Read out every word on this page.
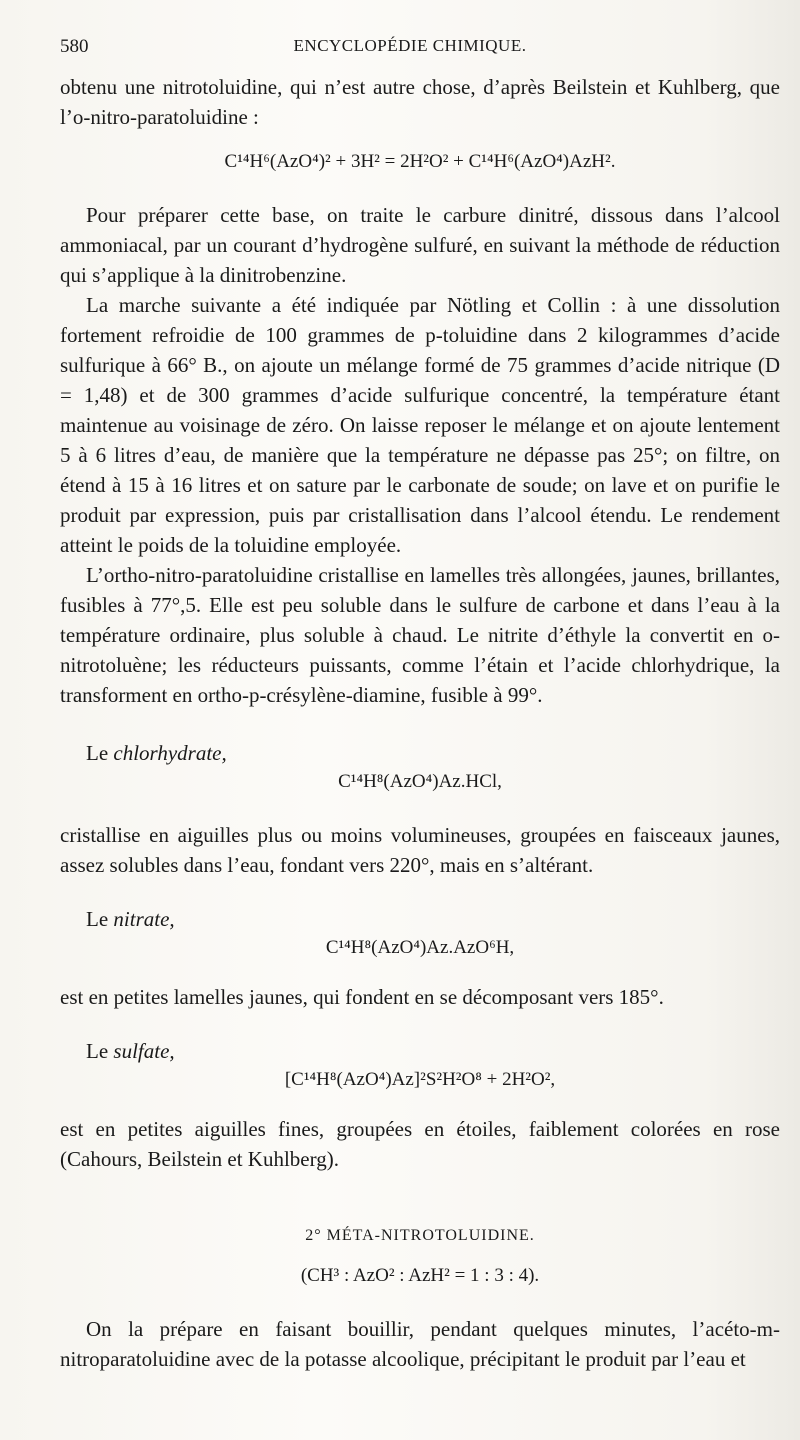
580	ENCYCLOPÉDIE CHIMIQUE.

obtenu une nitrotoluidine, qui n’est autre chose, d’après Beilstein et Kuhlberg, que l’o-nitro-paratoluidine :

C¹⁴H⁶(AzO⁴)² + 3H² = 2H²O² + C¹⁴H⁶(AzO⁴)AzH².

Pour préparer cette base, on traite le carbure dinitré, dissous dans l’alcool ammoniacal, par un courant d’hydrogène sulfuré, en suivant la méthode de réduction qui s’applique à la dinitrobenzine.

La marche suivante a été indiquée par Nötling et Collin : à une dissolution fortement refroidie de 100 grammes de p-toluidine dans 2 kilogrammes d’acide sulfurique à 66° B., on ajoute un mélange formé de 75 grammes d’acide nitrique (D = 1,48) et de 300 grammes d’acide sulfurique concentré, la température étant maintenue au voisinage de zéro. On laisse reposer le mélange et on ajoute lentement 5 à 6 litres d’eau, de manière que la température ne dépasse pas 25°; on filtre, on étend à 15 à 16 litres et on sature par le carbonate de soude; on lave et on purifie le produit par expression, puis par cristallisation dans l’alcool étendu. Le rendement atteint le poids de la toluidine employée.

L’ortho-nitro-paratoluidine cristallise en lamelles très allongées, jaunes, brillantes, fusibles à 77°,5. Elle est peu soluble dans le sulfure de carbone et dans l’eau à la température ordinaire, plus soluble à chaud. Le nitrite d’éthyle la convertit en o-nitrotoluène; les réducteurs puissants, comme l’étain et l’acide chlorhydrique, la transforment en ortho-p-crésylène-diamine, fusible à 99°.

Le chlorhydrate,

C¹⁴H⁸(AzO⁴)Az.HCl,

cristallise en aiguilles plus ou moins volumineuses, groupées en faisceaux jaunes, assez solubles dans l’eau, fondant vers 220°, mais en s’altérant.

Le nitrate,

C¹⁴H⁸(AzO⁴)Az.AzO⁶H,

est en petites lamelles jaunes, qui fondent en se décomposant vers 185°.

Le sulfate,

[C¹⁴H⁸(AzO⁴)Az]²S²H²O⁸ + 2H²O²,

est en petites aiguilles fines, groupées en étoiles, faiblement colorées en rose (Cahours, Beilstein et Kuhlberg).

2° MÉTA-NITROTOLUIDINE.

(CH³ : AzO² : AzH² = 1 : 3 : 4).

On la prépare en faisant bouillir, pendant quelques minutes, l’acéto-m-nitroparatoluidine avec de la potasse alcoolique, précipitant le produit par l’eau et
